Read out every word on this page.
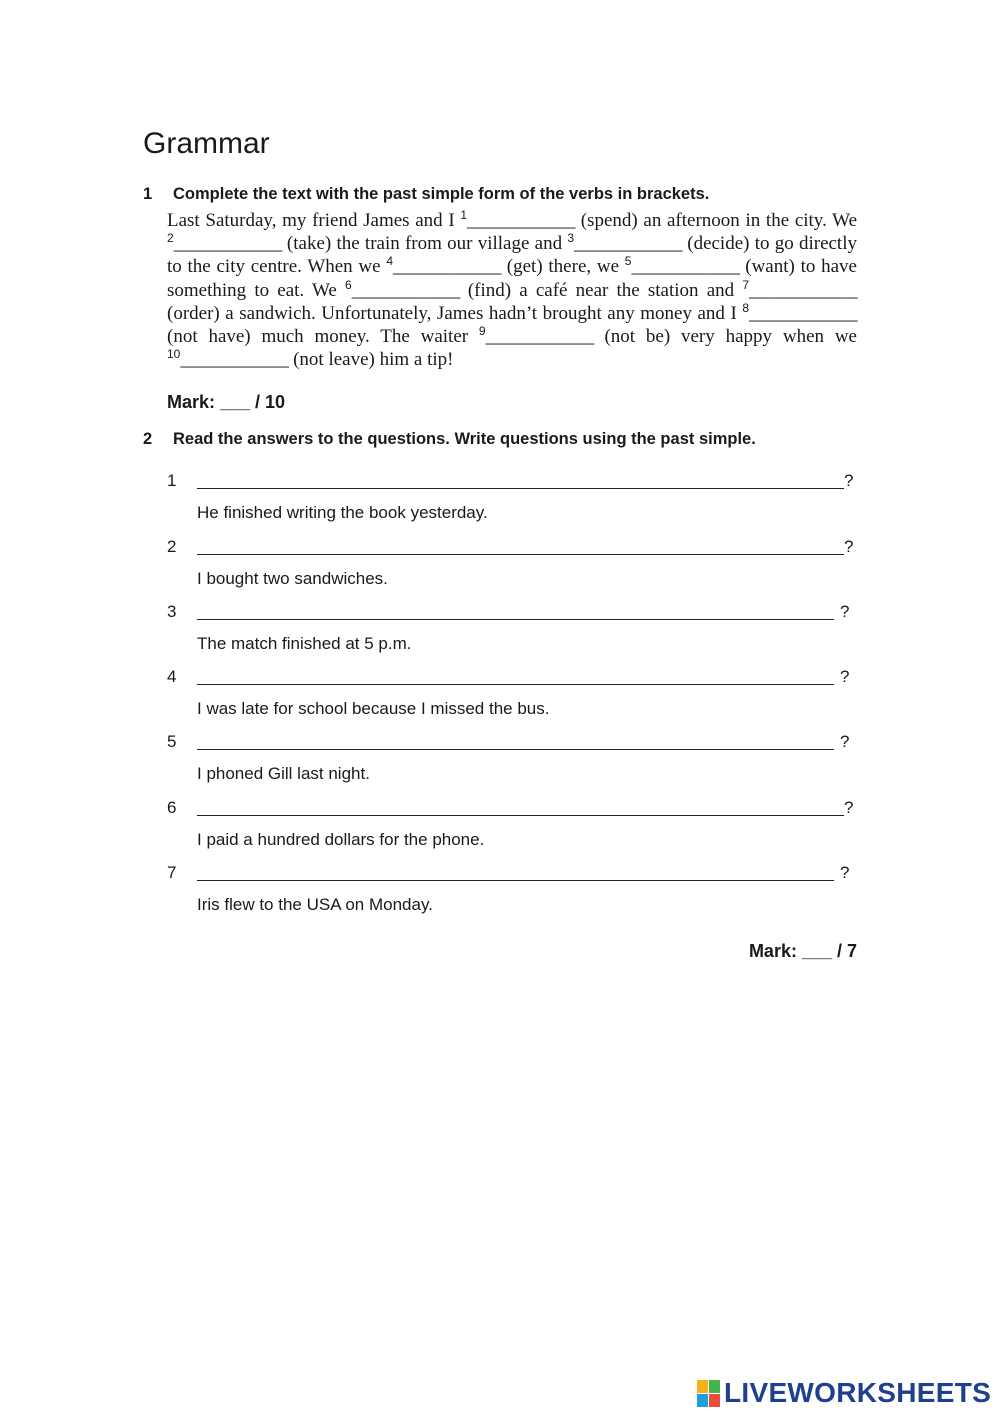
Grammar
1 Complete the text with the past simple form of the verbs in brackets.

Last Saturday, my friend James and I $^1$____________ (spend) an afternoon in the city. We $^2$____________ (take) the train from our village and $^3$____________ (decide) to go directly to the city centre. When we $^4$____________ (get) there, we $^5$____________ (want) to have something to eat. We $^6$____________ (find) a café near the station and $^7$____________ (order) a sandwich. Unfortunately, James hadn’t brought any money and I $^8$____________ (not have) much money. The waiter $^9$____________ (not be) very happy when we $^{10}$____________ (not leave) him a tip!

Mark: ___ / 10
2 Read the answers to the questions. Write questions using the past simple.
1	?
He finished writing the book yesterday.
2	?
I bought two sandwiches.
3	?
The match finished at 5 p.m.
4	?
I was late for school because I missed the bus.
5	?
I phoned Gill last night.
6	?
I paid a hundred dollars for the phone.
7	?
Iris flew to the USA on Monday.
Mark: ___ / 7
LIVEWORKSHEETS
